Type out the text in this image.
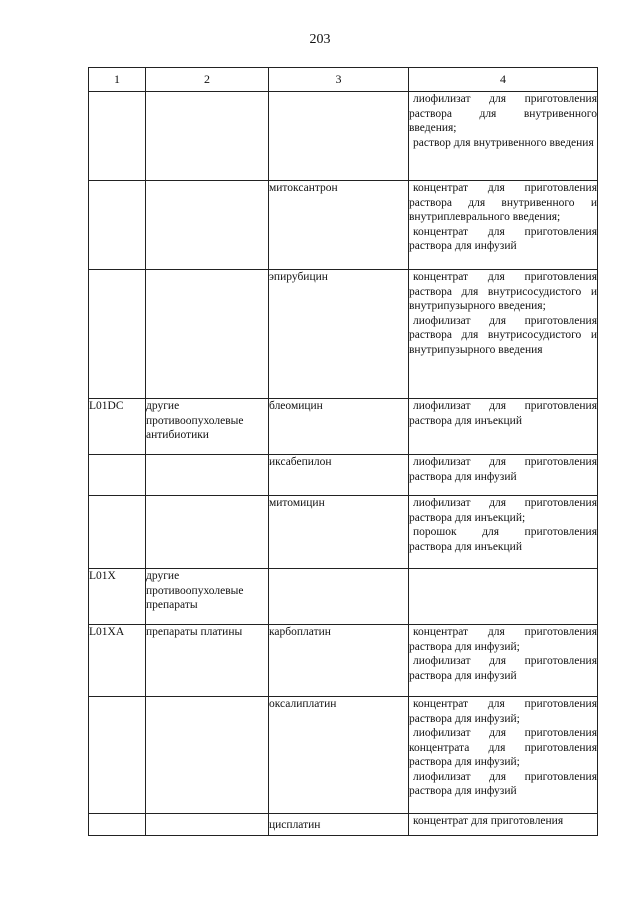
203
1	2	3	4

			лиофилизат для приготовления раствора для внутривенного введения;
раствор для внутривенного введения

		митоксантрон	концентрат для приготовления раствора для внутривенного и внутриплеврального введения;
концентрат для приготовления раствора для инфузий

		эпирубицин	концентрат для приготовления раствора для внутрисосудистого и внутрипузырного введения;
лиофилизат для приготовления раствора для внутрисосудистого и внутрипузырного введения

L01DC	другие противоопухолевые антибиотики	блеомицин	лиофилизат для приготовления раствора для инъекций

		иксабепилон	лиофилизат для приготовления раствора для инфузий

		митомицин	лиофилизат для приготовления раствора для инъекций;
порошок для приготовления раствора для инъекций

L01X	другие противоопухолевые препараты		
L01XA	препараты платины	карбоплатин	концентрат для приготовления раствора для инфузий;
лиофилизат для приготовления раствора для инфузий

		оксалиплатин	концентрат для приготовления раствора для инфузий;
лиофилизат для приготовления концентрата для приготовления раствора для инфузий;
лиофилизат для приготовления раствора для инфузий

		цисплатин	концентрат для приготовления
